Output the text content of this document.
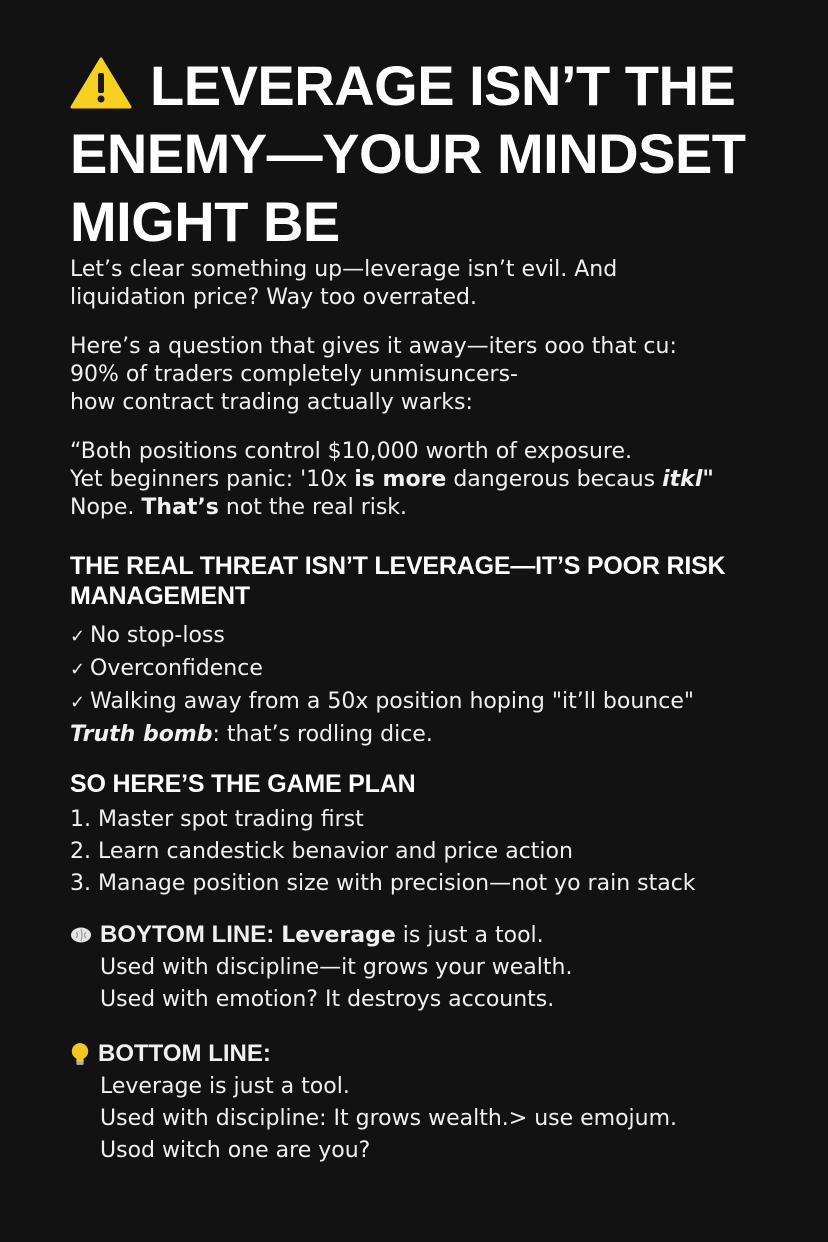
LEVERAGE ISN’T THE
ENEMY—YOUR MINDSET
MIGHT BE

Let’s clear something up—leverage isn’t evil. And
liquidation price? Way too overrated.

Here’s a question that gives it away—iters ooo that cu:
90% of traders completely unmisuncers-
how contract trading actually warks:

“Both positions control $10,000 worth of exposure.
Yet beginners panic: '10x is more dangerous becaus itkl"
Nope. That’s not the real risk.

THE REAL THREAT ISN’T LEVERAGE—IT’S POOR RISK
MANAGEMENT
✓ No stop-loss
✓ Overconfidence
✓ Walking away from a 50x position hoping "it’ll bounce"
Truth bomb: that’s rodling dice.
SO HERE’S THE GAME PLAN
1. Master spot trading first
2. Learn candestick benavior and price action
3. Manage position size with precision—not yo rain stack
BOYTOM LINE: Leverage is just a tool.
Used with discipline—it grows your wealth.
Used with emotion? It destroys accounts.
BOTTOM LINE:
Leverage is just a tool.
Used with discipline: It grows wealth.> use emojum.
Usod witch one are you?
